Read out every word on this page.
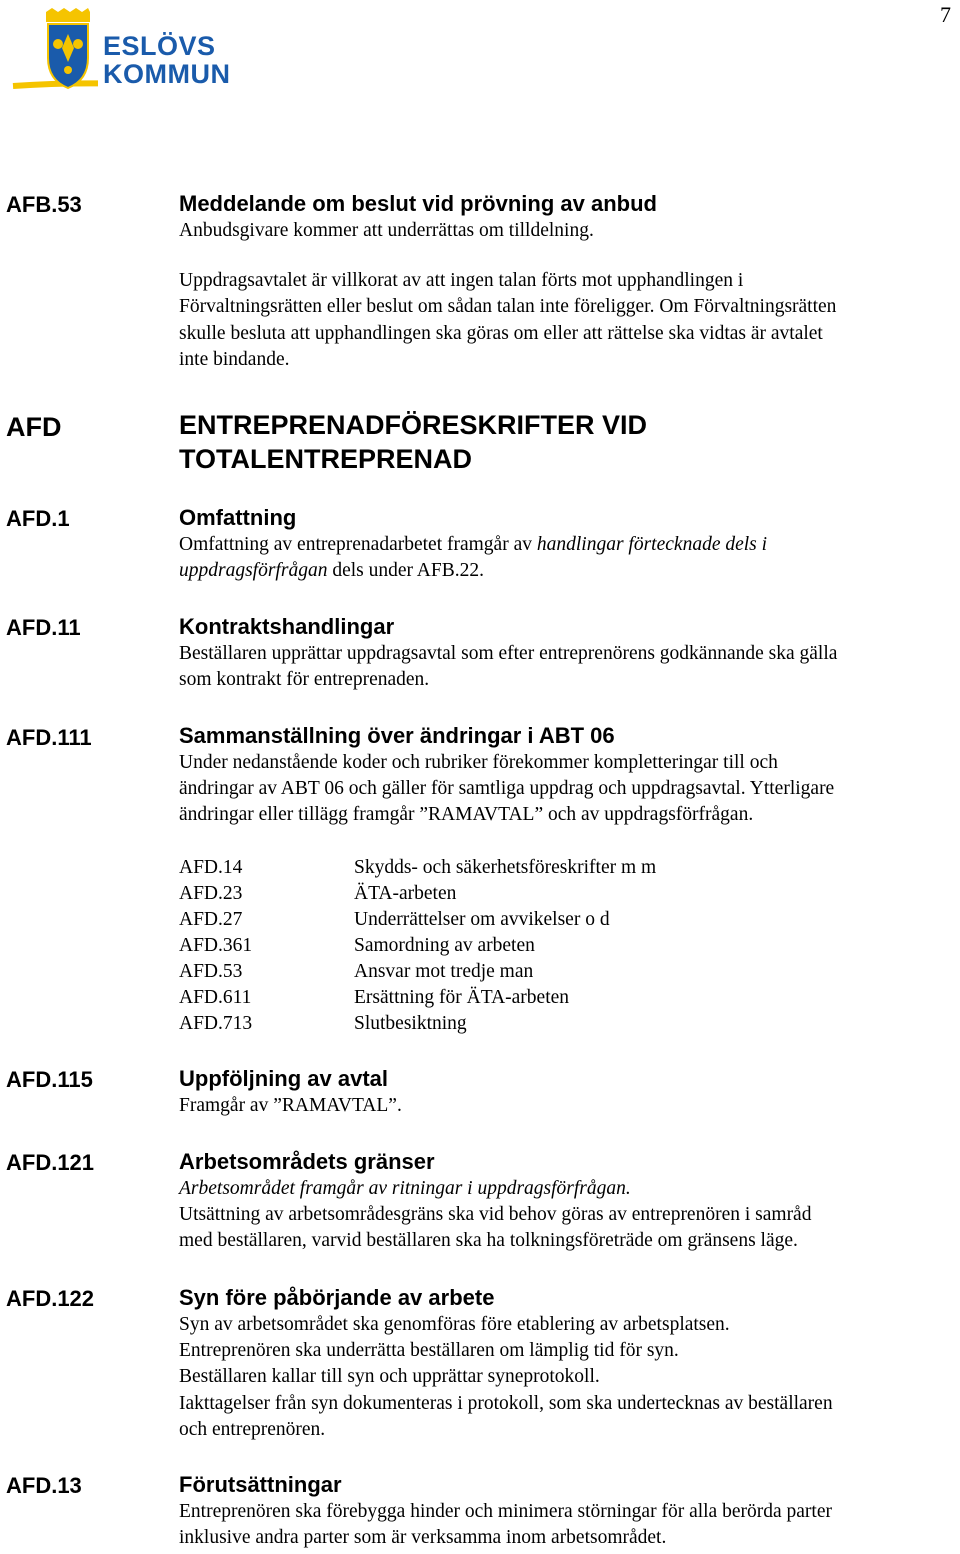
7
ESLÖVS
KOMMUN
AFB.53	Meddelande om beslut vid prövning av anbud
Anbudsgivare kommer att underrättas om tilldelning.
Uppdragsavtalet är villkorat av att ingen talan förts mot upphandlingen i
Förvaltningsrätten eller beslut om sådan talan inte föreligger. Om Förvaltningsrätten
skulle besluta att upphandlingen ska göras om eller att rättelse ska vidtas är avtalet
inte bindande.
AFD	ENTREPRENADFÖRESKRIFTER VID
TOTALENTREPRENAD
AFD.1	Omfattning
Omfattning av entreprenadarbetet framgår av handlingar förtecknade dels i
uppdragsförfrågan dels under AFB.22.
AFD.11	Kontraktshandlingar
Beställaren upprättar uppdragsavtal som efter entreprenörens godkännande ska gälla
som kontrakt för entreprenaden.
AFD.111	Sammanställning över ändringar i ABT 06
Under nedanstående koder och rubriker förekommer kompletteringar till och
ändringar av ABT 06 och gäller för samtliga uppdrag och uppdragsavtal. Ytterligare
ändringar eller tillägg framgår ”RAMAVTAL” och av uppdragsförfrågan.
AFD.14	Skydds- och säkerhetsföreskrifter m m
AFD.23	ÄTA-arbeten
AFD.27	Underrättelser om avvikelser o d
AFD.361	Samordning av arbeten
AFD.53	Ansvar mot tredje man
AFD.611	Ersättning för ÄTA-arbeten
AFD.713	Slutbesiktning
AFD.115	Uppföljning av avtal
Framgår av ”RAMAVTAL”.
AFD.121	Arbetsområdets gränser
Arbetsområdet framgår av ritningar i uppdragsförfrågan.
Utsättning av arbetsområdesgräns ska vid behov göras av entreprenören i samråd
med beställaren, varvid beställaren ska ha tolkningsföreträde om gränsens läge.
AFD.122	Syn före påbörjande av arbete
Syn av arbetsområdet ska genomföras före etablering av arbetsplatsen.
Entreprenören ska underrätta beställaren om lämplig tid för syn.
Beställaren kallar till syn och upprättar syneprotokoll.
Iakttagelser från syn dokumenteras i protokoll, som ska undertecknas av beställaren
och entreprenören.
AFD.13	Förutsättningar
Entreprenören ska förebygga hinder och minimera störningar för alla berörda parter
inklusive andra parter som är verksamma inom arbetsområdet.
